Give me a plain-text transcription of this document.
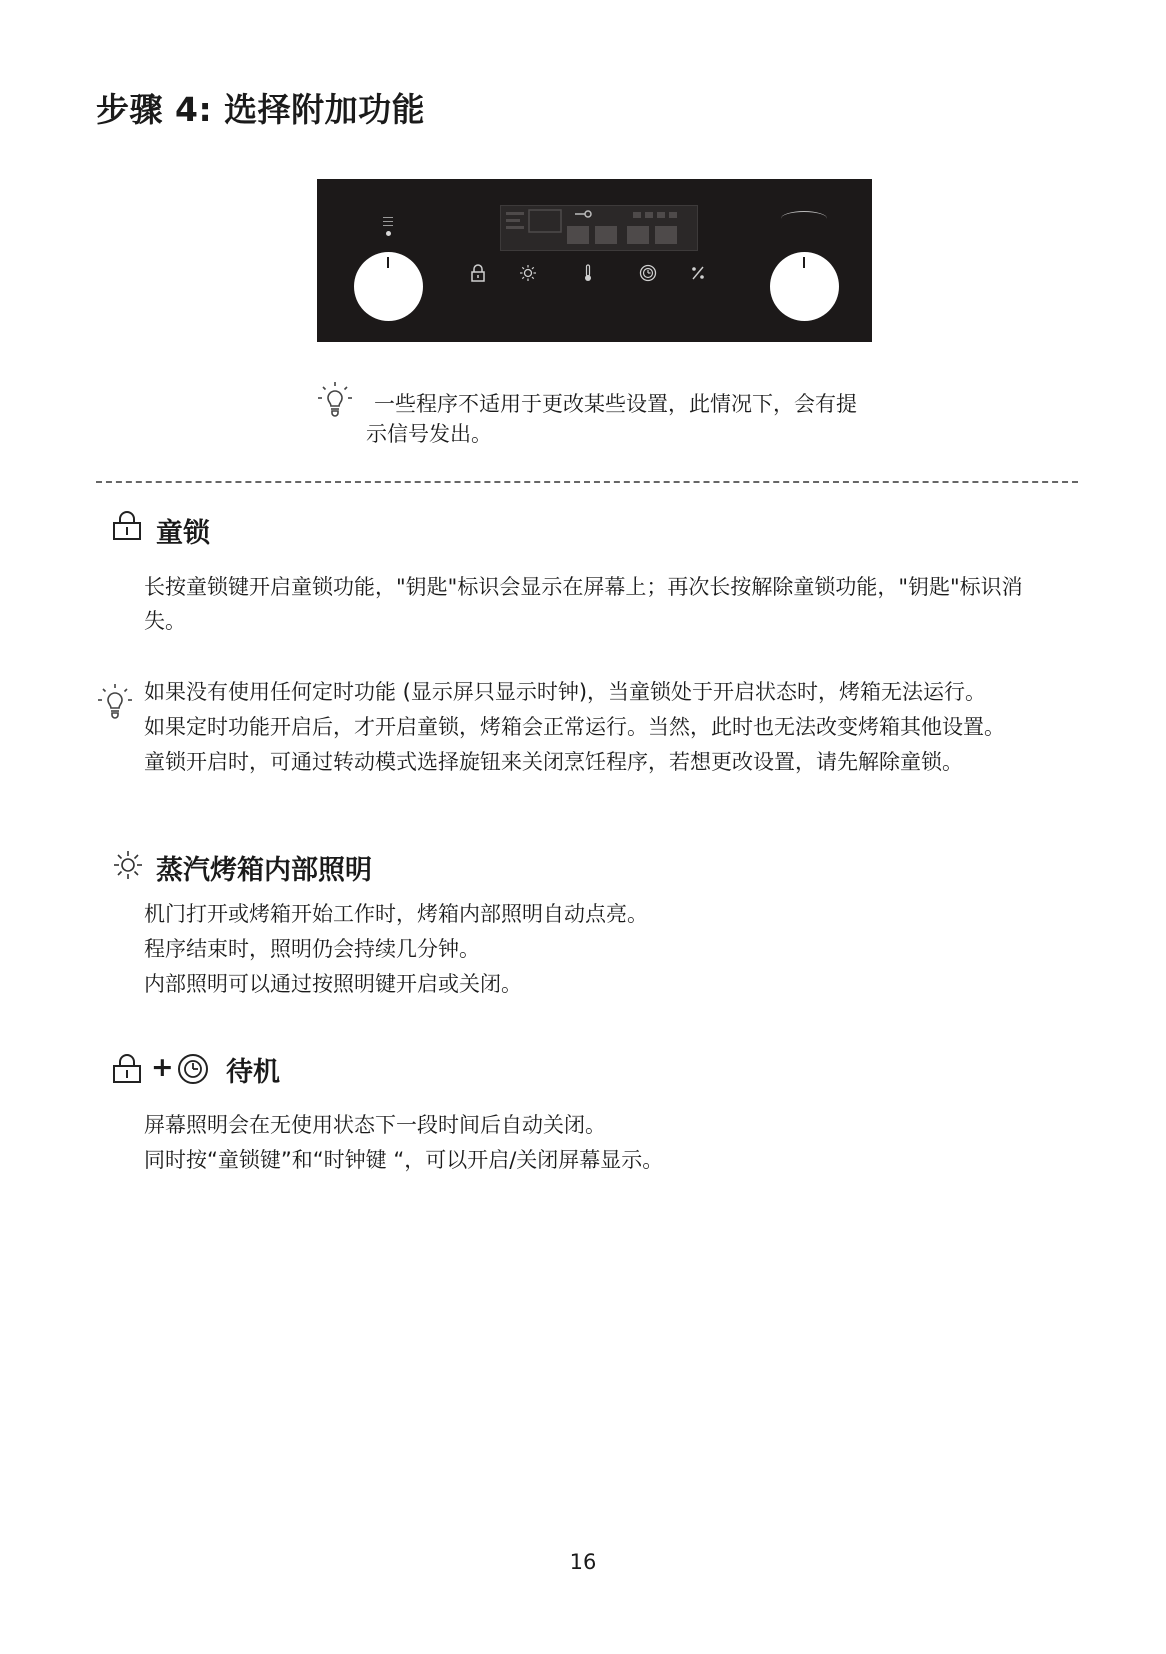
步骤 4: 选择附加功能
一些程序不适用于更改某些设置，此情况下，会有提
示信号发出。
童锁
长按童锁键开启童锁功能，"钥匙"标识会显示在屏幕上；再次长按解除童锁功能，"钥匙"标识消
失。
如果没有使用任何定时功能 (显示屏只显示时钟)，当童锁处于开启状态时，烤箱无法运行。
如果定时功能开启后，才开启童锁，烤箱会正常运行。当然，此时也无法改变烤箱其他设置。
童锁开启时，可通过转动模式选择旋钮来关闭烹饪程序，若想更改设置，请先解除童锁。
蒸汽烤箱内部照明
机门打开或烤箱开始工作时，烤箱内部照明自动点亮。
程序结束时，照明仍会持续几分钟。
内部照明可以通过按照明键开启或关闭。
+ 待机
屏幕照明会在无使用状态下一段时间后自动关闭。
同时按“童锁键”和“时钟键 “，可以开启/关闭屏幕显示。
16
